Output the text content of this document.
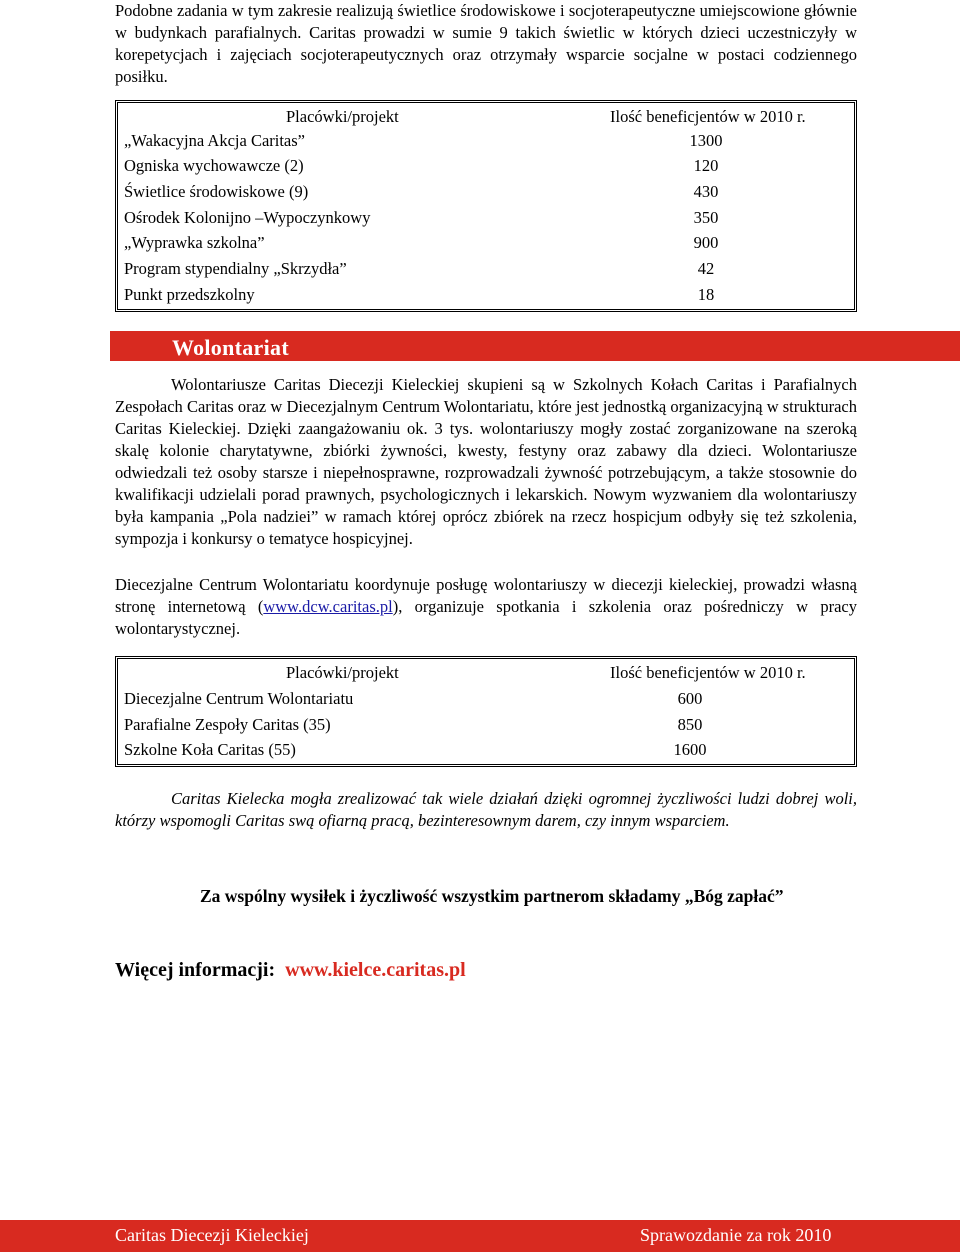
Podobne zadania w tym zakresie realizują świetlice środowiskowe i socjoterapeutyczne umiejscowione głównie w budynkach parafialnych. Caritas prowadzi w sumie 9 takich świetlic w których dzieci uczestniczyły w korepetycjach i zajęciach socjoterapeutycznych oraz otrzymały wsparcie socjalne w postaci codziennego posiłku.

Placówki/projekt	Ilość beneficjentów w 2010 r.
„Wakacyjna Akcja Caritas”	1300
Ogniska wychowawcze (2)	120
Świetlice środowiskowe (9)	430
Ośrodek Kolonijno –Wypoczynkowy	350
„Wyprawka szkolna”	900
Program stypendialny „Skrzydła”	42
Punkt przedszkolny	18
Wolontariat

Wolontariusze Caritas Diecezji Kieleckiej skupieni są w Szkolnych Kołach Caritas i Parafialnych Zespołach Caritas oraz w Diecezjalnym Centrum Wolontariatu, które jest jednostką organizacyjną w strukturach Caritas Kieleckiej. Dzięki zaangażowaniu ok. 3 tys. wolontariuszy mogły zostać zorganizowane na szeroką skalę kolonie charytatywne, zbiórki żywności, kwesty, festyny oraz zabawy dla dzieci. Wolontariusze odwiedzali też osoby starsze i niepełnosprawne, rozprowadzali żywność potrzebującym, a także stosownie do kwalifikacji udzielali porad prawnych, psychologicznych i lekarskich. Nowym wyzwaniem dla wolontariuszy była kampania „Pola nadziei” w ramach której oprócz zbiórek na rzecz hospicjum odbyły się też szkolenia, sympozja i konkursy o tematyce hospicyjnej.

Diecezjalne Centrum Wolontariatu koordynuje posługę wolontariuszy w diecezji kieleckiej, prowadzi własną stronę internetową (www.dcw.caritas.pl), organizuje spotkania i szkolenia oraz pośredniczy w pracy wolontarystycznej.

Placówki/projekt	Ilość beneficjentów w 2010 r.
Diecezjalne Centrum Wolontariatu	600
Parafialne Zespoły Caritas (35)	850
Szkolne Koła Caritas (55)	1600

Caritas Kielecka mogła zrealizować tak wiele działań dzięki ogromnej życzliwości ludzi dobrej woli, którzy wspomogli Caritas swą ofiarną pracą, bezinteresownym darem, czy innym wsparciem.

Za wspólny wysiłek i życzliwość wszystkim partnerom składamy „Bóg zapłać”
Więcej informacji: www.kielce.caritas.pl
Caritas Diecezji Kieleckiej	Sprawozdanie za rok 2010
